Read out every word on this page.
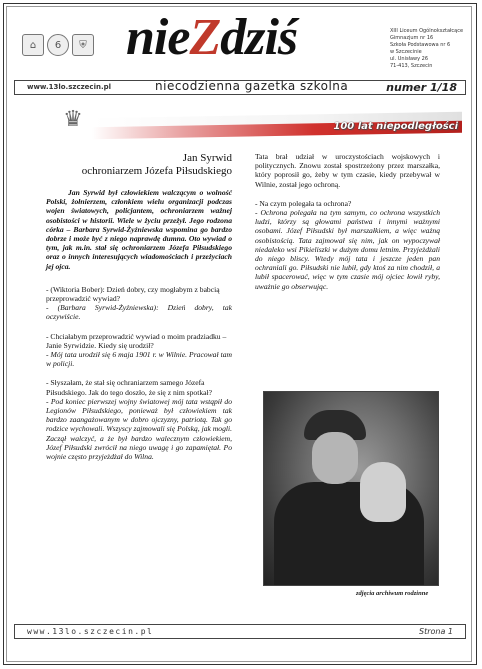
⌂	6	⛨ nieZdziś	XIII Liceum Ogólnokształcące
Gimnazjum nr 16
Szkoła Podstawowa nr 6
w Szczecinie
ul. Unisławy 26
71-413, Szczecin
www.13lo.szczecin.pl	niecodzienna gazetka szkolna	numer 1/18
♛	100 lat niepodległości
Jan Syrwid
ochroniarzem Józefa Piłsudskiego

Jan Syrwid był człowiekiem walczącym o wolność Polski, żołnierzem, członkiem wielu organizacji podczas wojen światowych, policjantem, ochroniarzem ważnej osobistości w historii. Wiele w życiu przeżył. Jego rodzona córka – Barbara Syrwid-Żyźniewska wspomina go bardzo dobrze i może być z niego naprawdę dumna. Oto wywiad o tym, jak m.in. stał się ochroniarzem Józefa Piłsudskiego oraz o innych interesujących wiadomościach i przeżyciach jej ojca.

- (Wiktoria Bober): Dzień dobry, czy mogłabym z babcią przeprowadzić wywiad?

- (Barbara Syrwid-Żyźniewska): Dzień dobry, tak oczywiście.

- Chciałabym przeprowadzić wywiad o moim pradziadku – Janie Syrwidzie. Kiedy się urodził?

- Mój tata urodził się 6 maja 1901 r. w Wilnie. Pracował tam w policji.

- Słyszałam, że stał się ochraniarzem samego Józefa Piłsudskiego. Jak do tego doszło, że się z nim spotkał?

- Pod koniec pierwszej wojny światowej mój tata wstąpił do Legionów Piłsudskiego, ponieważ był człowiekiem tak bardzo zaangażowanym w dobro ojczyzny, patriotą. Tak go rodzice wychowali. Wszyscy zajmowali się Polską, jak mogli. Zaczął walczyć, a że był bardzo walecznym człowiekiem, Józef Piłsudski zwrócił na niego uwagę i go zapamiętał. Po wojnie często przyjeżdżał do Wilna.

Tata brał udział w uroczystościach wojskowych i politycznych. Znowu został spostrzeżony przez marszałka, który poprosił go, żeby w tym czasie, kiedy przebywał w Wilnie, został jego ochroną.

- Na czym polegała ta ochrona?

- Ochrona polegała na tym samym, co ochrona wszystkich ludzi, którzy są głowami państwa i innymi ważnymi osobami. Józef Piłsudski był marszałkiem, a więc ważną osobistością. Tata zajmował się nim, jak on wypoczywał niedaleko wsi Pikieliszki w dużym domu letnim. Przyjeżdżali do niego bliscy. Wtedy mój tata i jeszcze jeden pan ochraniali go. Piłsudski nie lubił, gdy ktoś za nim chodził, a lubił spacerować, więc w tym czasie mój ojciec łowił ryby, uważnie go obserwując.

zdjęcia archiwum rodzinne
www.13lo.szczecin.pl	Strona 1
